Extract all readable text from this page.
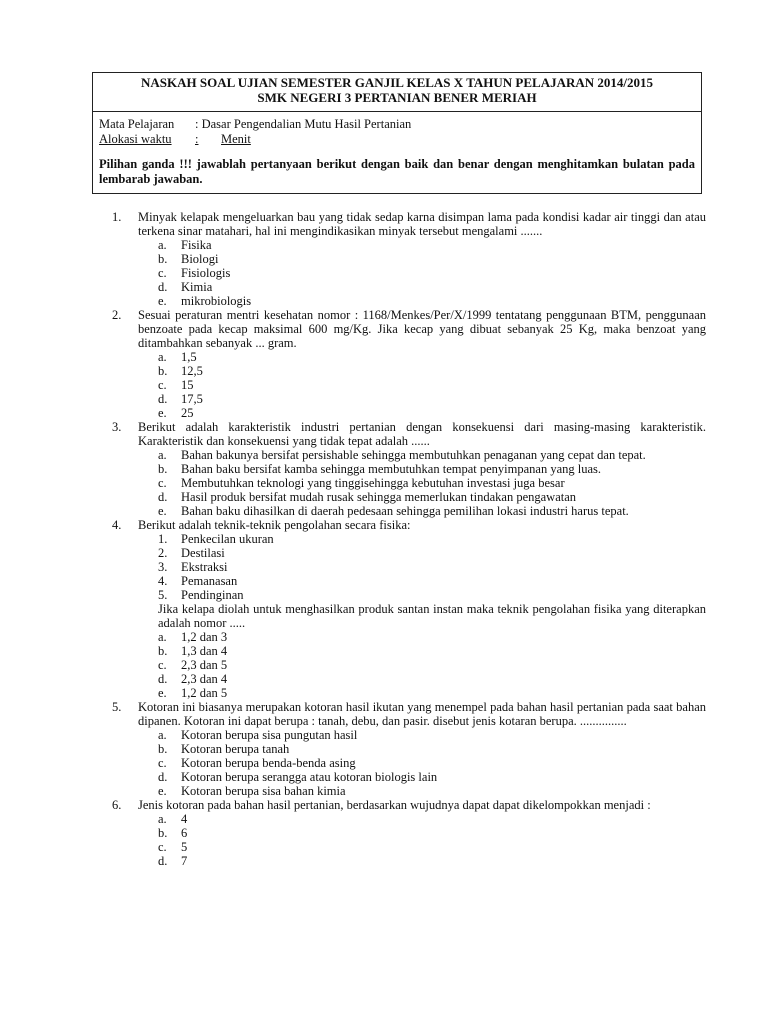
NASKAH SOAL UJIAN SEMESTER GANJIL KELAS X TAHUN PELAJARAN 2014/2015
SMK NEGERI 3 PERTANIAN BENER MERIAH
Mata Pelajaran	: Dasar Pengendalian Mutu Hasil Pertanian
Alokasi waktu	:	Menit
Pilihan ganda !!! jawablah pertanyaan berikut dengan baik dan benar dengan menghitamkan bulatan pada lembarab jawaban.
1. Minyak kelapak mengeluarkan bau yang tidak sedap karna disimpan lama pada kondisi kadar air tinggi dan atau terkena sinar matahari, hal ini mengindikasikan minyak tersebut mengalami .......
a. Fisika
b. Biologi
c. Fisiologis
d. Kimia
e. mikrobiologis
2. Sesuai peraturan mentri kesehatan nomor : 1168/Menkes/Per/X/1999 tentatang penggunaan BTM, penggunaan benzoate pada kecap maksimal 600 mg/Kg. Jika kecap yang dibuat sebanyak 25 Kg, maka benzoat yang ditambahkan sebanyak ... gram.
a. 1,5
b. 12,5
c. 15
d. 17,5
e. 25
3. Berikut adalah karakteristik industri pertanian dengan konsekuensi dari masing-masing karakteristik. Karakteristik dan konsekuensi yang tidak tepat adalah ......
a. Bahan bakunya bersifat persishable sehingga membutuhkan penaganan yang cepat dan tepat.
b. Bahan baku bersifat kamba sehingga membutuhkan tempat penyimpanan yang luas.
c. Membutuhkan teknologi yang tinggisehingga kebutuhan investasi juga besar
d. Hasil produk bersifat mudah rusak sehingga memerlukan tindakan pengawatan
e. Bahan baku dihasilkan di daerah pedesaan sehingga pemilihan lokasi industri harus tepat.
4. Berikut adalah teknik-teknik pengolahan secara fisika:
1. Penkecilan ukuran
2. Destilasi
3. Ekstraksi
4. Pemanasan
5. Pendinginan
Jika kelapa diolah untuk menghasilkan produk santan instan maka teknik pengolahan fisika yang diterapkan adalah nomor .....
a. 1,2 dan 3
b. 1,3 dan 4
c. 2,3 dan 5
d. 2,3 dan 4
e. 1,2 dan 5
5. Kotoran ini biasanya merupakan kotoran hasil ikutan yang menempel pada bahan hasil pertanian pada saat bahan dipanen. Kotoran ini dapat berupa : tanah, debu, dan pasir. disebut jenis kotaran berupa. ...............
a. Kotoran berupa sisa pungutan hasil
b. Kotoran berupa tanah
c. Kotoran berupa benda-benda asing
d. Kotoran berupa serangga atau kotoran biologis lain
e. Kotoran berupa sisa bahan kimia
6. Jenis kotoran pada bahan hasil pertanian, berdasarkan wujudnya dapat dapat dikelompokkan menjadi :
a. 4
b. 6
c. 5
d. 7
